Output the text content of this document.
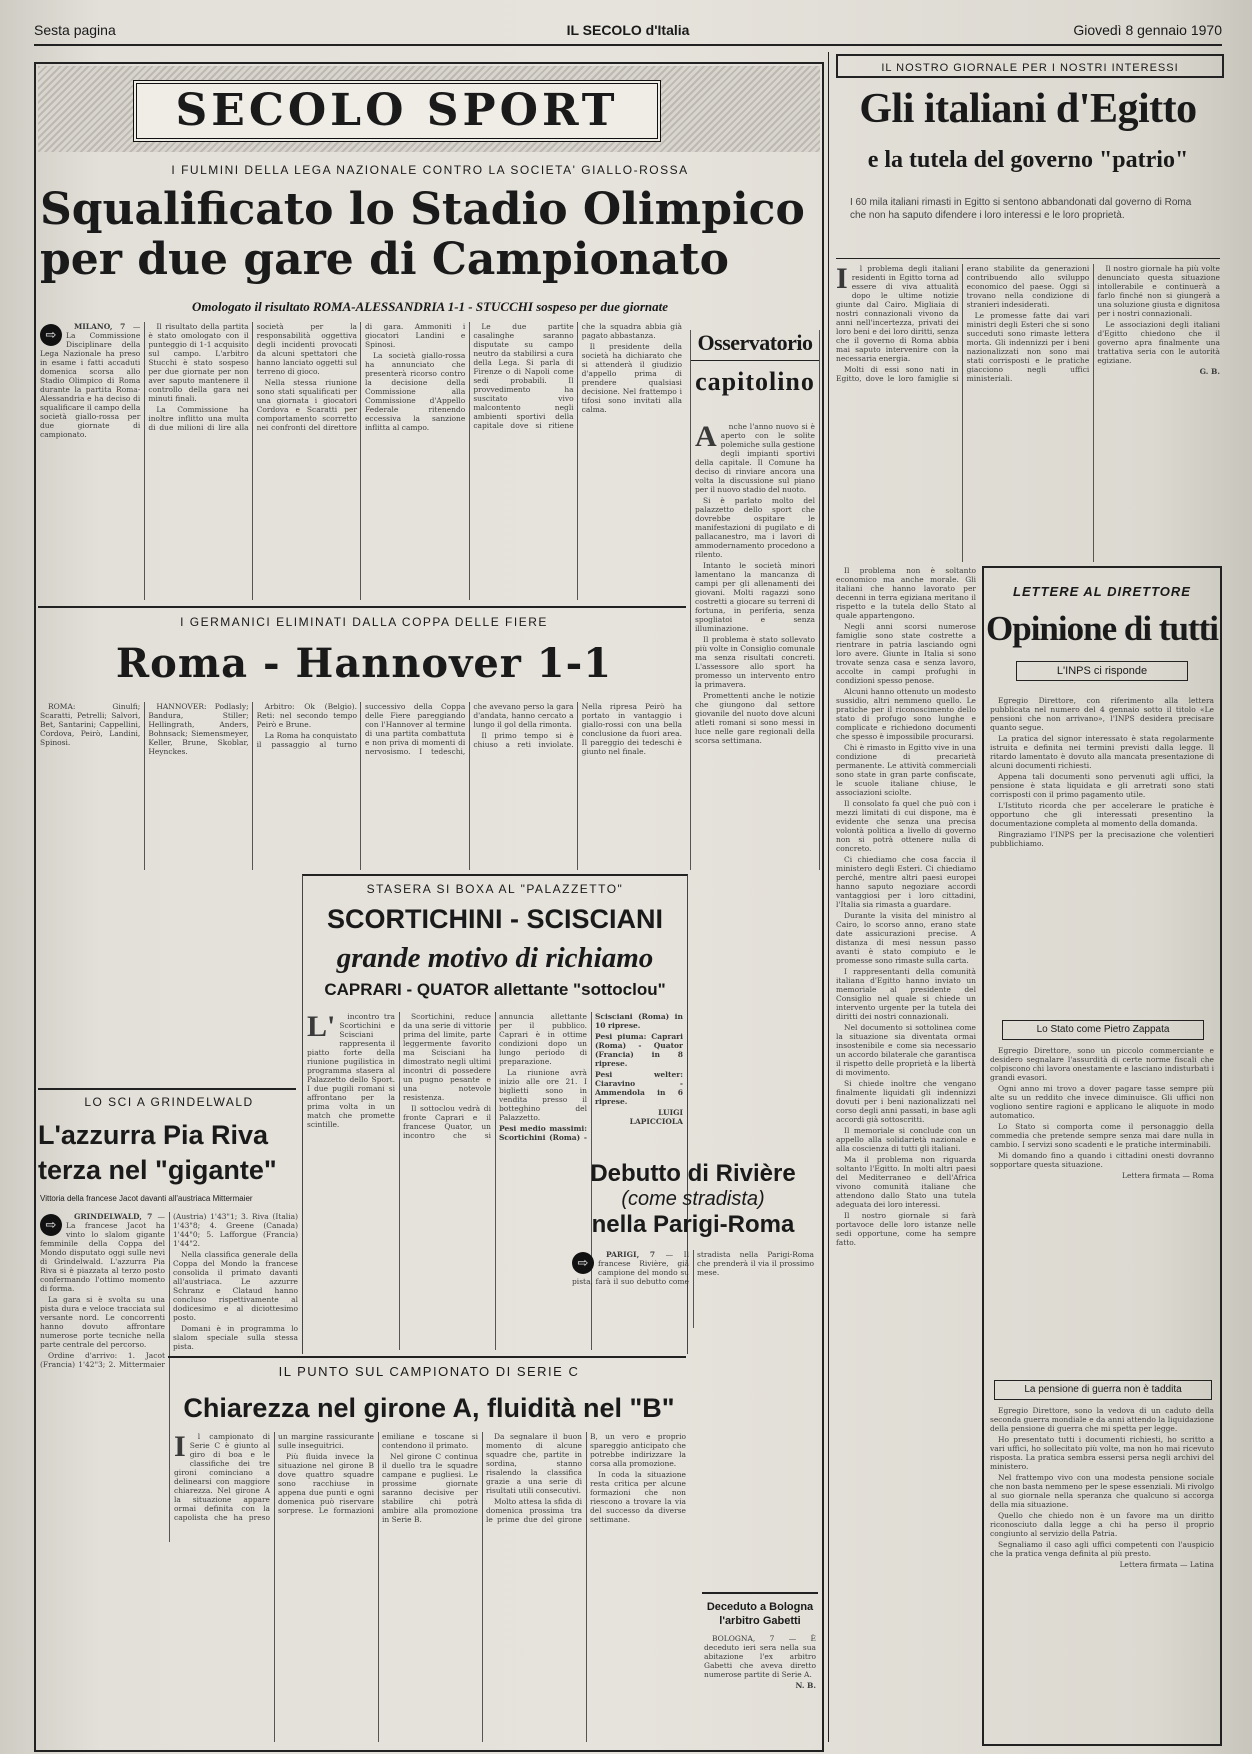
Sesta pagina	IL SECOLO d'Italia	Giovedì 8 gennaio 1970
SECOLO SPORT
I FULMINI DELLA LEGA NAZIONALE CONTRO LA SOCIETA' GIALLO-ROSSA
Squalificato lo Stadio Olimpico
per due gare di Campionato
Omologato il risultato ROMA-ALESSANDRIA 1-1 - STUCCHI sospeso per due giornate
⇨

MILANO, 7 — La Commissione Disciplinare della Lega Nazionale ha preso in esame i fatti accaduti domenica scorsa allo Stadio Olimpico di Roma durante la partita Roma-Alessandria e ha deciso di squalificare il campo della società giallo-rossa per due giornate di campionato.

Il risultato della partita è stato omologato con il punteggio di 1-1 acquisito sul campo. L'arbitro Stucchi è stato sospeso per due giornate per non aver saputo mantenere il controllo della gara nei minuti finali.

La Commissione ha inoltre inflitto una multa di due milioni di lire alla società per la responsabilità oggettiva degli incidenti provocati da alcuni spettatori che hanno lanciato oggetti sul terreno di gioco.

Nella stessa riunione sono stati squalificati per una giornata i giocatori Cordova e Scaratti per comportamento scorretto nei confronti del direttore di gara. Ammoniti i giocatori Landini e Spinosi.

La società giallo-rossa ha annunciato che presenterà ricorso contro la decisione della Commissione alla Commissione d'Appello Federale ritenendo eccessiva la sanzione inflitta al campo.

Le due partite casalinghe saranno disputate su campo neutro da stabilirsi a cura della Lega. Si parla di Firenze o di Napoli come sedi probabili. Il provvedimento ha suscitato vivo malcontento negli ambienti sportivi della capitale dove si ritiene che la squadra abbia già pagato abbastanza.

Il presidente della società ha dichiarato che si attenderà il giudizio d'appello prima di prendere qualsiasi decisione. Nel frattempo i tifosi sono invitati alla calma.

Osservatorio
capitolino
A	nche l'anno nuovo si è aperto con le solite polemiche sulla gestione degli impianti sportivi della capitale. Il Comune ha deciso di rinviare ancora una volta la discussione sul piano per il nuovo stadio del nuoto.

Si è parlato molto del palazzetto dello sport che dovrebbe ospitare le manifestazioni di pugilato e di pallacanestro, ma i lavori di ammodernamento procedono a rilento.

Intanto le società minori lamentano la mancanza di campi per gli allenamenti dei giovani. Molti ragazzi sono costretti a giocare su terreni di fortuna, in periferia, senza spogliatoi e senza illuminazione.

Il problema è stato sollevato più volte in Consiglio comunale ma senza risultati concreti. L'assessore allo sport ha promesso un intervento entro la primavera.

Promettenti anche le notizie che giungono dal settore giovanile del nuoto dove alcuni atleti romani si sono messi in luce nelle gare regionali della scorsa settimana.

I GERMANICI ELIMINATI DALLA COPPA DELLE FIERE
Roma - Hannover 1-1

ROMA: Ginulfi; Scaratti, Petrelli; Salvori, Bet, Santarini; Cappellini, Cordova, Peirò, Landini, Spinosi.

HANNOVER: Podlasly; Bandura, Stiller; Hellingrath, Anders, Bohnsack; Siemensmeyer, Keller, Brune, Skoblar, Heynckes.

Arbitro: Ok (Belgio). Reti: nel secondo tempo Peirò e Brune.

La Roma ha conquistato il passaggio al turno successivo della Coppa delle Fiere pareggiando con l'Hannover al termine di una partita combattuta e non priva di momenti di nervosismo. I tedeschi, che avevano perso la gara d'andata, hanno cercato a lungo il gol della rimonta.

Il primo tempo si è chiuso a reti inviolate. Nella ripresa Peirò ha portato in vantaggio i giallo-rossi con una bella conclusione da fuori area. Il pareggio dei tedeschi è giunto nel finale.

LO SCI A GRINDELWALD
L'azzurra Pia Riva
terza nel "gigante"
Vittoria della francese Jacot davanti all'austriaca Mittermaier
⇨

GRINDELWALD, 7 — La francese Jacot ha vinto lo slalom gigante femminile della Coppa del Mondo disputato oggi sulle nevi di Grindelwald. L'azzurra Pia Riva si è piazzata al terzo posto confermando l'ottimo momento di forma.

La gara si è svolta su una pista dura e veloce tracciata sul versante nord. Le concorrenti hanno dovuto affrontare numerose porte tecniche nella parte centrale del percorso.

Ordine d'arrivo: 1. Jacot (Francia) 1'42"3; 2. Mittermaier (Austria) 1'43"1; 3. Riva (Italia) 1'43"8; 4. Greene (Canada) 1'44"0; 5. Lafforgue (Francia) 1'44"2.

Nella classifica generale della Coppa del Mondo la francese consolida il primato davanti all'austriaca. Le azzurre Schranz e Clataud hanno concluso rispettivamente al dodicesimo e al diciottesimo posto.

Domani è in programma lo slalom speciale sulla stessa pista.

STASERA SI BOXA AL "PALAZZETTO"
SCORTICHINI - SCISCIANI
grande motivo di richiamo
CAPRARI - QUATOR allettante "sottoclou"
L'	incontro tra Scortichini e Scisciani rappresenta il piatto forte della riunione pugilistica in programma stasera al Palazzetto dello Sport. I due pugili romani si affrontano per la prima volta in un match che promette scintille.

Scortichini, reduce da una serie di vittorie prima del limite, parte leggermente favorito ma Scisciani ha dimostrato negli ultimi incontri di possedere un pugno pesante e una notevole resistenza.

Il sottoclou vedrà di fronte Caprari e il francese Quator, un incontro che si annuncia allettante per il pubblico. Caprari è in ottime condizioni dopo un lungo periodo di preparazione.

La riunione avrà inizio alle ore 21. I biglietti sono in vendita presso il botteghino del Palazzetto.

Pesi medio massimi: Scortichini (Roma) - Scisciani (Roma) in 10 riprese.

Pesi piuma: Caprari (Roma) - Quator (Francia) in 8 riprese.

Pesi welter: Ciaravino - Ammendola in 6 riprese.

LUIGI LAPICCIOLA

Debutto di Rivière
(come stradista)
nella Parigi-Roma
⇨

PARIGI, 7 — Il francese Rivière, già campione del mondo su pista, farà il suo debutto come stradista nella Parigi-Roma che prenderà il via il prossimo mese.

IL PUNTO SUL CAMPIONATO DI SERIE C
Chiarezza nel girone A, fluidità nel "B"
I	l campionato di Serie C è giunto al giro di boa e le classifiche dei tre gironi cominciano a delinearsi con maggiore chiarezza. Nel girone A la situazione appare ormai definita con la capolista che ha preso un margine rassicurante sulle inseguitrici.

Più fluida invece la situazione nel girone B dove quattro squadre sono racchiuse in appena due punti e ogni domenica può riservare sorprese. Le formazioni emiliane e toscane si contendono il primato.

Nel girone C continua il duello tra le squadre campane e pugliesi. Le prossime giornate saranno decisive per stabilire chi potrà ambire alla promozione in Serie B.

Da segnalare il buon momento di alcune squadre che, partite in sordina, stanno risalendo la classifica grazie a una serie di risultati utili consecutivi.

Molto attesa la sfida di domenica prossima tra le prime due del girone B, un vero e proprio spareggio anticipato che potrebbe indirizzare la corsa alla promozione.

In coda la situazione resta critica per alcune formazioni che non riescono a trovare la via del successo da diverse settimane.

Deceduto a Bologna l'arbitro Gabetti

BOLOGNA, 7 — È deceduto ieri sera nella sua abitazione l'ex arbitro Gabetti che aveva diretto numerose partite di Serie A.

N. B.

IL NOSTRO GIORNALE PER I NOSTRI INTERESSI
Gli italiani d'Egitto
e la tutela del governo "patrio"
I 60 mila italiani rimasti in Egitto si sentono abbandonati dal governo di Roma che non ha saputo difendere i loro interessi e le loro proprietà.
I	l problema degli italiani residenti in Egitto torna ad essere di viva attualità dopo le ultime notizie giunte dal Cairo. Migliaia di nostri connazionali vivono da anni nell'incertezza, privati dei loro beni e dei loro diritti, senza che il governo di Roma abbia mai saputo intervenire con la necessaria energia.

Molti di essi sono nati in Egitto, dove le loro famiglie si erano stabilite da generazioni contribuendo allo sviluppo economico del paese. Oggi si trovano nella condizione di stranieri indesiderati.

Le promesse fatte dai vari ministri degli Esteri che si sono succeduti sono rimaste lettera morta. Gli indennizzi per i beni nazionalizzati non sono mai stati corrisposti e le pratiche giacciono negli uffici ministeriali.

Il nostro giornale ha più volte denunciato questa situazione intollerabile e continuerà a farlo finché non si giungerà a una soluzione giusta e dignitosa per i nostri connazionali.

Le associazioni degli italiani d'Egitto chiedono che il governo apra finalmente una trattativa seria con le autorità egiziane.

G. B.

Il problema non è soltanto economico ma anche morale. Gli italiani che hanno lavorato per decenni in terra egiziana meritano il rispetto e la tutela dello Stato al quale appartengono.

Negli anni scorsi numerose famiglie sono state costrette a rientrare in patria lasciando ogni loro avere. Giunte in Italia si sono trovate senza casa e senza lavoro, accolte in campi profughi in condizioni spesso penose.

Alcuni hanno ottenuto un modesto sussidio, altri nemmeno quello. Le pratiche per il riconoscimento dello stato di profugo sono lunghe e complicate e richiedono documenti che spesso è impossibile procurarsi.

Chi è rimasto in Egitto vive in una condizione di precarietà permanente. Le attività commerciali sono state in gran parte confiscate, le scuole italiane chiuse, le associazioni sciolte.

Il consolato fa quel che può con i mezzi limitati di cui dispone, ma è evidente che senza una precisa volontà politica a livello di governo non si potrà ottenere nulla di concreto.

Ci chiediamo che cosa faccia il ministero degli Esteri. Ci chiediamo perché, mentre altri paesi europei hanno saputo negoziare accordi vantaggiosi per i loro cittadini, l'Italia sia rimasta a guardare.

Durante la visita del ministro al Cairo, lo scorso anno, erano state date assicurazioni precise. A distanza di mesi nessun passo avanti è stato compiuto e le promesse sono rimaste sulla carta.

I rappresentanti della comunità italiana d'Egitto hanno inviato un memoriale al presidente del Consiglio nel quale si chiede un intervento urgente per la tutela dei diritti dei nostri connazionali.

Nel documento si sottolinea come la situazione sia diventata ormai insostenibile e come sia necessario un accordo bilaterale che garantisca il rispetto delle proprietà e la libertà di movimento.

Si chiede inoltre che vengano finalmente liquidati gli indennizzi dovuti per i beni nazionalizzati nel corso degli anni passati, in base agli accordi già sottoscritti.

Il memoriale si conclude con un appello alla solidarietà nazionale e alla coscienza di tutti gli italiani.

Ma il problema non riguarda soltanto l'Egitto. In molti altri paesi del Mediterraneo e dell'Africa vivono comunità italiane che attendono dallo Stato una tutela adeguata dei loro interessi.

Il nostro giornale si farà portavoce delle loro istanze nelle sedi opportune, come ha sempre fatto.

LETTERE AL DIRETTORE
Opinione di tutti
L'INPS ci risponde

Egregio Direttore, con riferimento alla lettera pubblicata nel numero del 4 gennaio sotto il titolo «Le pensioni che non arrivano», l'INPS desidera precisare quanto segue.

La pratica del signor interessato è stata regolarmente istruita e definita nei termini previsti dalla legge. Il ritardo lamentato è dovuto alla mancata presentazione di alcuni documenti richiesti.

Appena tali documenti sono pervenuti agli uffici, la pensione è stata liquidata e gli arretrati sono stati corrisposti con il primo pagamento utile.

L'Istituto ricorda che per accelerare le pratiche è opportuno che gli interessati presentino la documentazione completa al momento della domanda.

Ringraziamo l'INPS per la precisazione che volentieri pubblichiamo.

Lo Stato come Pietro Zappata

Egregio Direttore, sono un piccolo commerciante e desidero segnalare l'assurdità di certe norme fiscali che colpiscono chi lavora onestamente e lasciano indisturbati i grandi evasori.

Ogni anno mi trovo a dover pagare tasse sempre più alte su un reddito che invece diminuisce. Gli uffici non vogliono sentire ragioni e applicano le aliquote in modo automatico.

Lo Stato si comporta come il personaggio della commedia che pretende sempre senza mai dare nulla in cambio. I servizi sono scadenti e le pratiche interminabili.

Mi domando fino a quando i cittadini onesti dovranno sopportare questa situazione.

Lettera firmata — Roma

La pensione di guerra non è taddita

Egregio Direttore, sono la vedova di un caduto della seconda guerra mondiale e da anni attendo la liquidazione della pensione di guerra che mi spetta per legge.

Ho presentato tutti i documenti richiesti, ho scritto a vari uffici, ho sollecitato più volte, ma non ho mai ricevuto risposta. La pratica sembra essersi persa negli archivi del ministero.

Nel frattempo vivo con una modesta pensione sociale che non basta nemmeno per le spese essenziali. Mi rivolgo al suo giornale nella speranza che qualcuno si accorga della mia situazione.

Quello che chiedo non è un favore ma un diritto riconosciuto dalla legge a chi ha perso il proprio congiunto al servizio della Patria.

Segnaliamo il caso agli uffici competenti con l'auspicio che la pratica venga definita al più presto.

Lettera firmata — Latina
